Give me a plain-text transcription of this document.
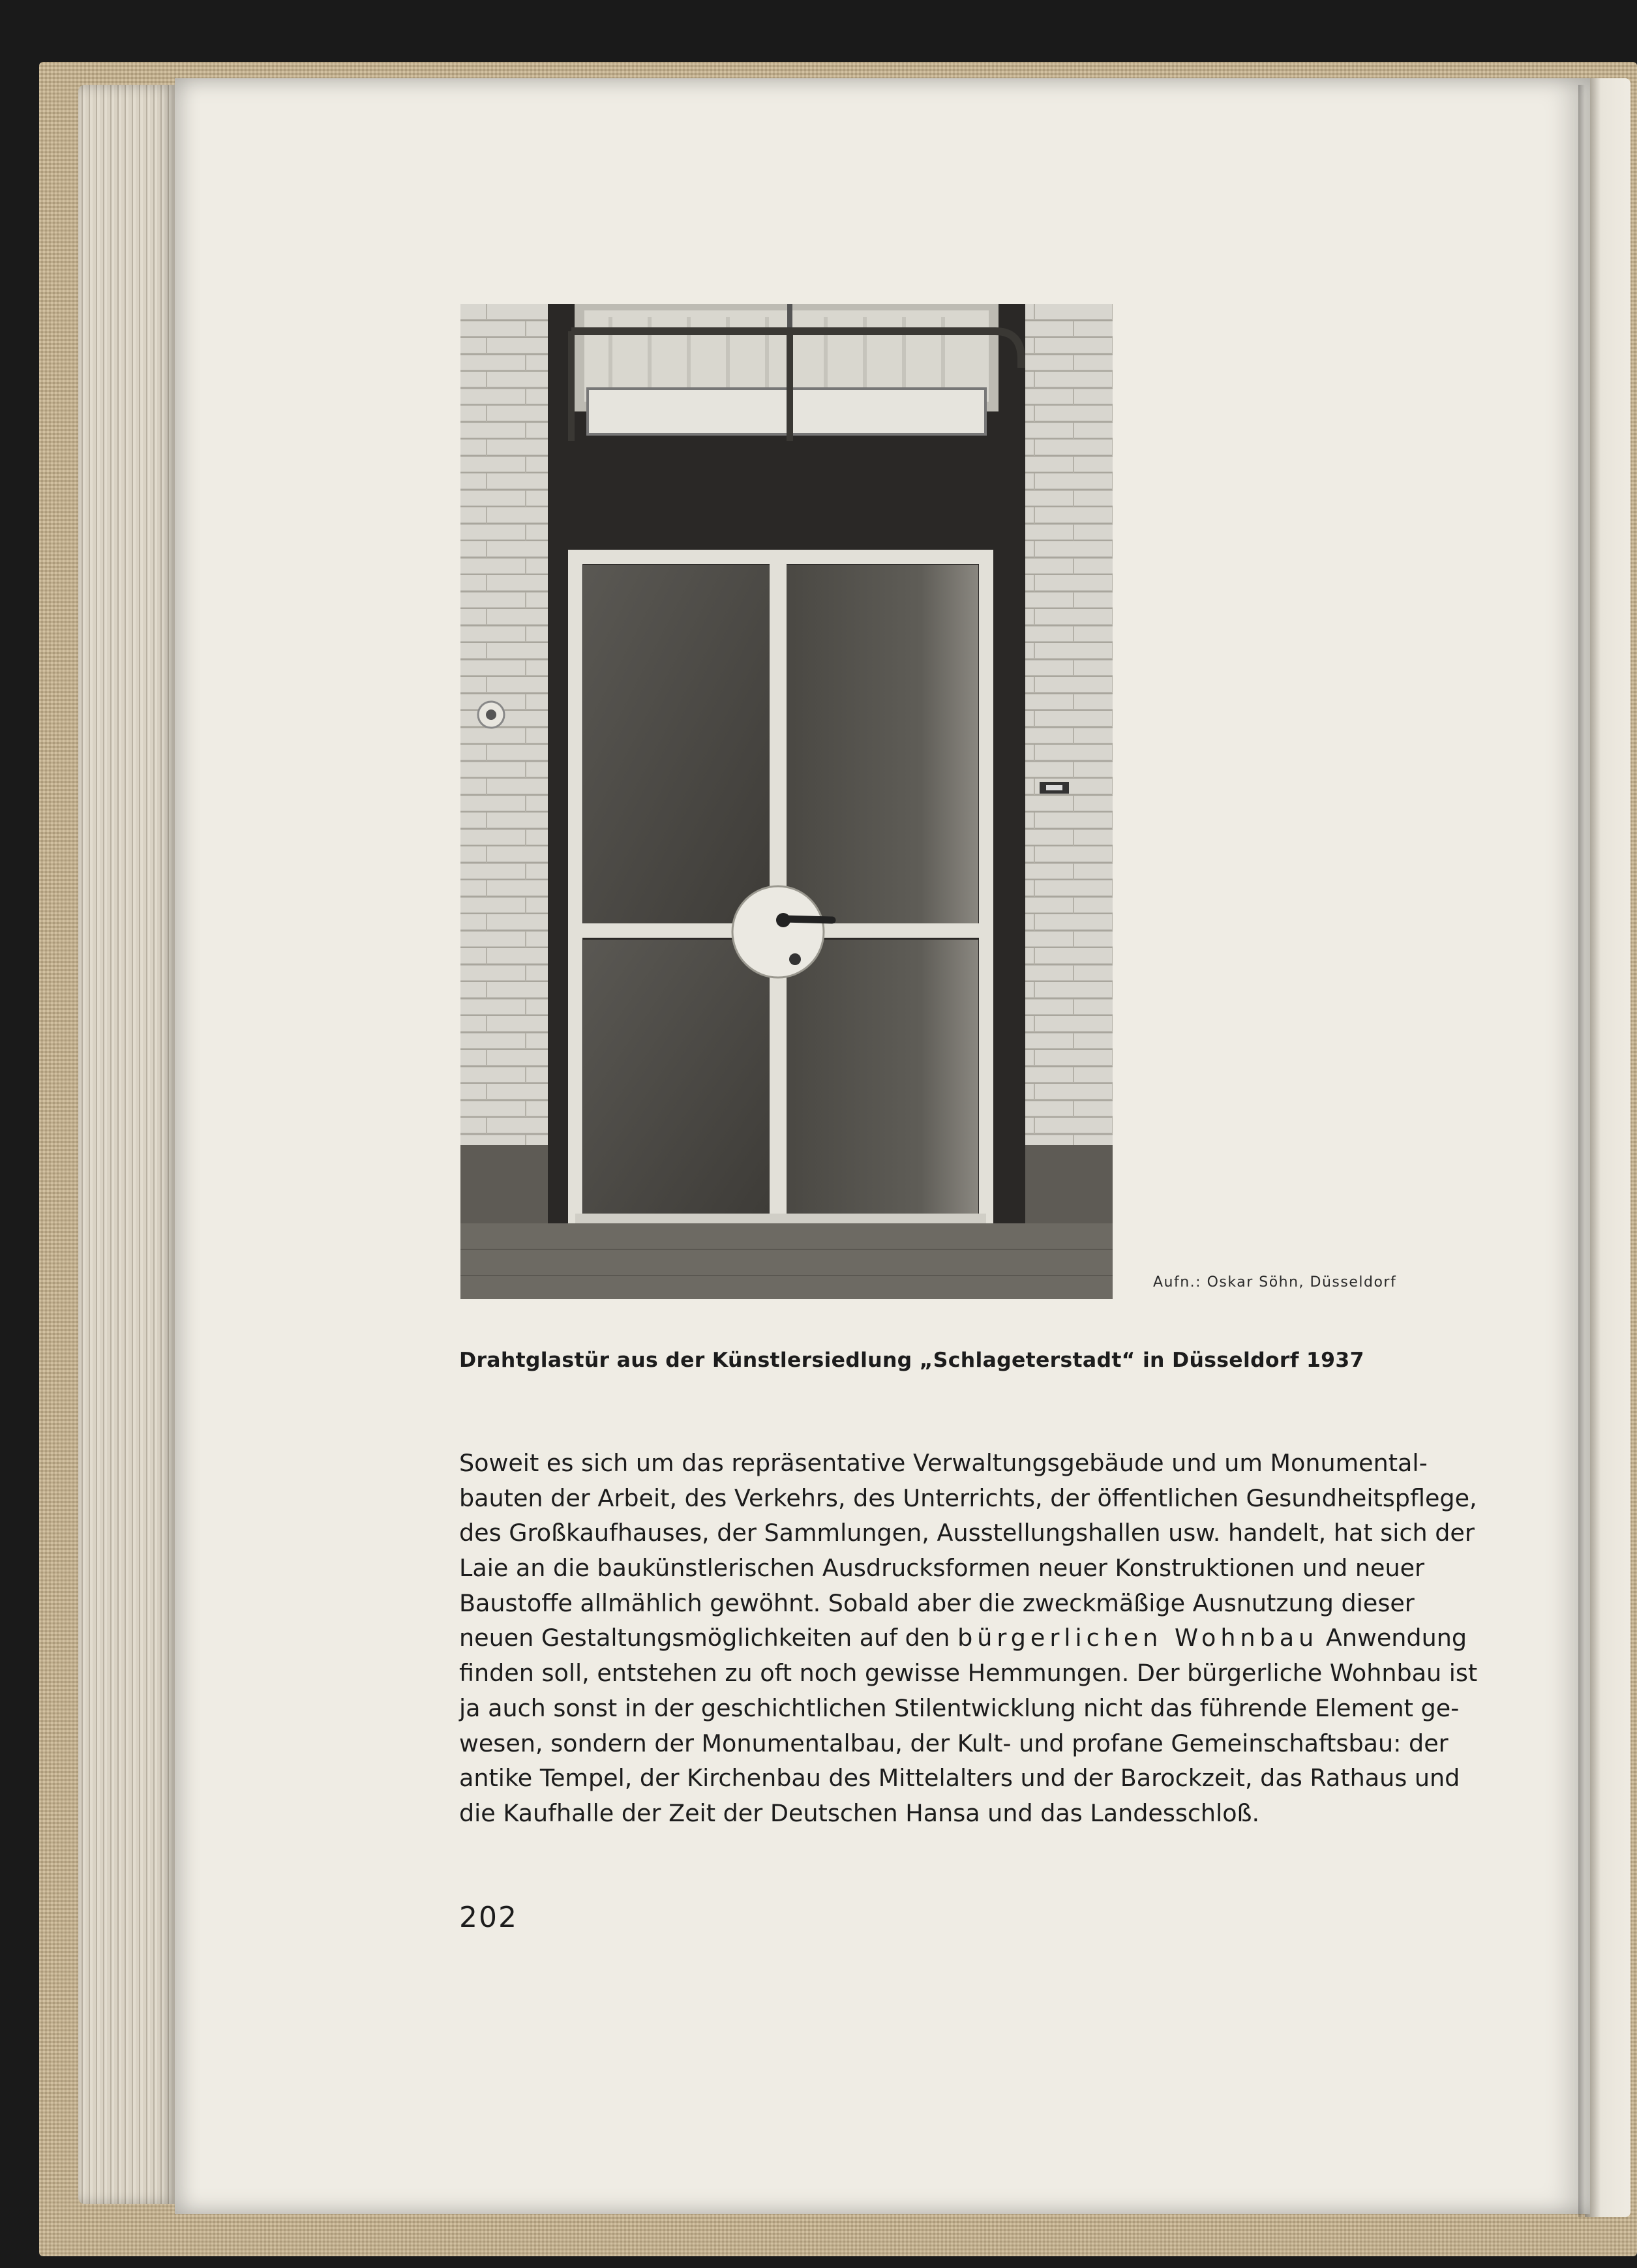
Aufn.: Oskar Söhn, Düsseldorf
Drahtglastür aus der Künstlersiedlung „Schlageterstadt“ in Düsseldorf 1937
Soweit es sich um das repräsentative Verwaltungsgebäude und um Monumental-
bauten der Arbeit, des Verkehrs, des Unterrichts, der öffentlichen Gesundheitspflege,
des Großkaufhauses, der Sammlungen, Ausstellungshallen usw. handelt, hat sich der
Laie an die baukünstlerischen Ausdrucksformen neuer Konstruktionen und neuer
Baustoffe allmählich gewöhnt. Sobald aber die zweckmäßige Ausnutzung dieser
neuen Gestaltungsmöglichkeiten auf den bürgerlichen Wohnbau Anwendung
finden soll, entstehen zu oft noch gewisse Hemmungen. Der bürgerliche Wohnbau ist
ja auch sonst in der geschichtlichen Stilentwicklung nicht das führende Element ge-
wesen, sondern der Monumentalbau, der Kult- und profane Gemeinschaftsbau: der
antike Tempel, der Kirchenbau des Mittelalters und der Barockzeit, das Rathaus und
die Kaufhalle der Zeit der Deutschen Hansa und das Landesschloß.
202
